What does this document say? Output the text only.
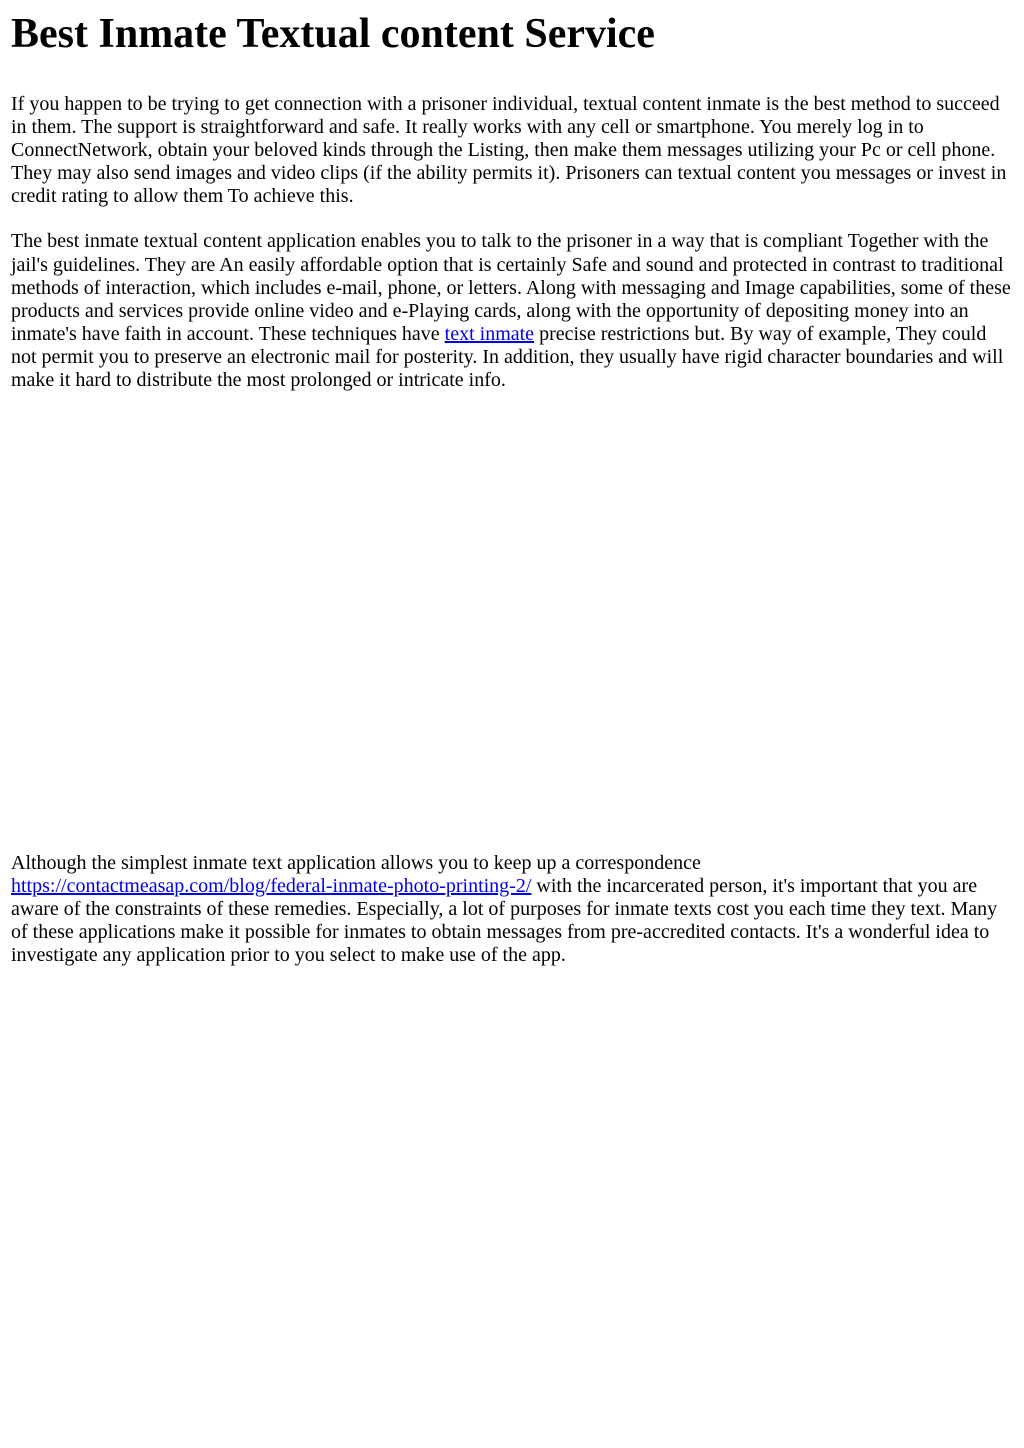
Best Inmate Textual content Service

If you happen to be trying to get connection with a prisoner individual, textual content inmate is the best method to succeed in them. The support is straightforward and safe. It really works with any cell or smartphone. You merely log in to ConnectNetwork, obtain your beloved kinds through the Listing, then make them messages utilizing your Pc or cell phone. They may also send images and video clips (if the ability permits it). Prisoners can textual content you messages or invest in credit rating to allow them To achieve this.

The best inmate textual content application enables you to talk to the prisoner in a way that is compliant Together with the jail's guidelines. They are An easily affordable option that is certainly Safe and sound and protected in contrast to traditional methods of interaction, which includes e-mail, phone, or letters. Along with messaging and Image capabilities, some of these products and services provide online video and e-Playing cards, along with the opportunity of depositing money into an inmate's have faith in account. These techniques have text inmate precise restrictions but. By way of example, They could not permit you to preserve an electronic mail for posterity. In addition, they usually have rigid character boundaries and will make it hard to distribute the most prolonged or intricate info.

Although the simplest inmate text application allows you to keep up a correspondence https://contactmeasap.com/blog/federal-inmate-photo-printing-2/ with the incarcerated person, it's important that you are aware of the constraints of these remedies. Especially, a lot of purposes for inmate texts cost you each time they text. Many of these applications make it possible for inmates to obtain messages from pre-accredited contacts. It's a wonderful idea to investigate any application prior to you select to make use of the app.
